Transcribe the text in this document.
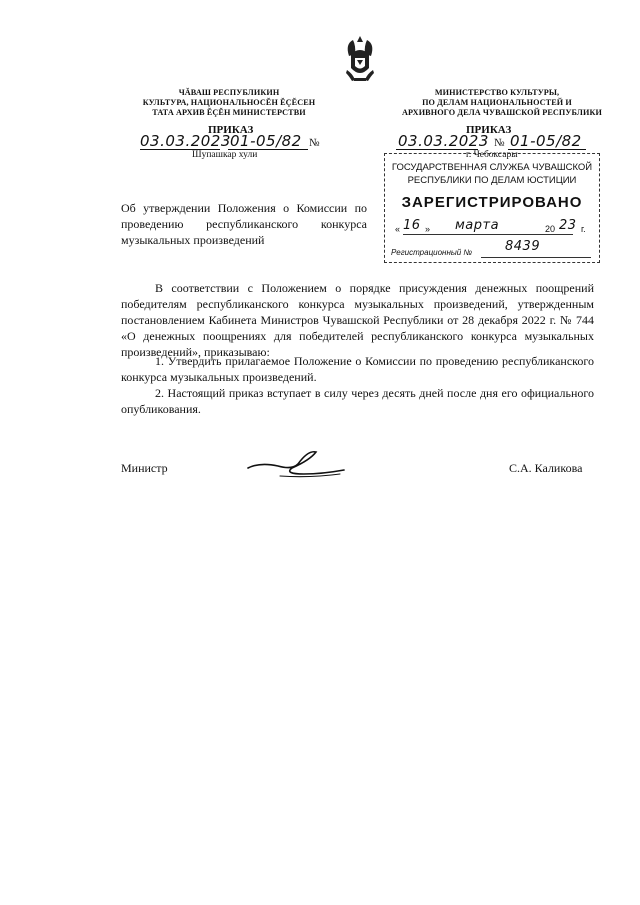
ЧĂВАШ РЕСПУБЛИКИН
КУЛЬТУРА, НАЦИОНАЛЬНОСĔН ĔÇĔСЕН
ТАТА АРХИВ ĔÇĔН МИНИСТЕРСТВИ
МИНИСТЕРСТВО КУЛЬТУРЫ,
ПО ДЕЛАМ НАЦИОНАЛЬНОСТЕЙ И
АРХИВНОГО ДЕЛА ЧУВАШСКОЙ РЕСПУБЛИКИ
ПРИКАЗ
03.03.2023 01-05/82 №
Шупашкар хули
ПРИКАЗ
03.03.2023 № 01-05/82
г. Чебоксары
ГОСУДАРСТВЕННАЯ СЛУЖБА ЧУВАШСКОЙ
РЕСПУБЛИКИ ПО ДЕЛАМ ЮСТИЦИИ
ЗАРЕГИСТРИРОВАНО
« 16 » марта	20 23 г.
Регистрационный №	8439
Об утверждении Положения о Комиссии по проведению республиканского конкурса музыкальных произведений
В соответствии с Положением о порядке присуждения денежных поощрений победителям республиканского конкурса музыкальных произведений, утвержденным постановлением Кабинета Министров Чувашской Республики от 28 декабря 2022 г. № 744 «О денежных поощрениях для победителей республиканского конкурса музыкальных произведений», приказываю:
1. Утвердить прилагаемое Положение о Комиссии по проведению республиканского конкурса музыкальных произведений.
2. Настоящий приказ вступает в силу через десять дней после дня его официального опубликования.
Министр	С.А. Каликова
